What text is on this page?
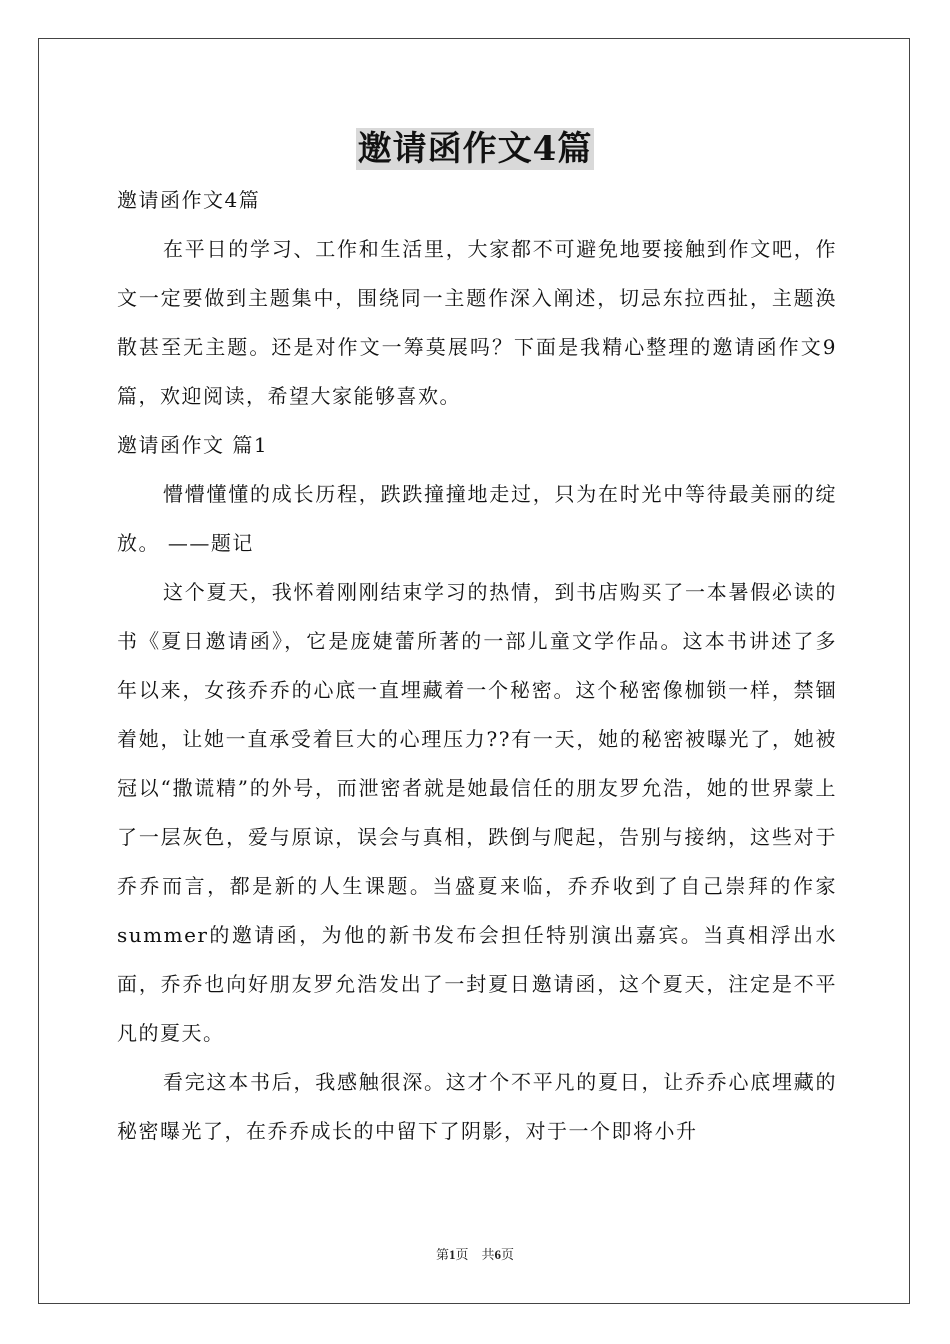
邀请函作文4篇

邀请函作文4篇

在平日的学习、工作和生活里，大家都不可避免地要接触到作文吧，作文一定要做到主题集中，围绕同一主题作深入阐述，切忌东拉西扯，主题涣散甚至无主题。还是对作文一筹莫展吗？下面是我精心整理的邀请函作文9篇，欢迎阅读，希望大家能够喜欢。

邀请函作文 篇1

懵懵懂懂的成长历程，跌跌撞撞地走过，只为在时光中等待最美丽的绽放。 ——题记

这个夏天，我怀着刚刚结束学习的热情，到书店购买了一本暑假必读的书《夏日邀请函》，它是庞婕蕾所著的一部儿童文学作品。这本书讲述了多年以来，女孩乔乔的心底一直埋藏着一个秘密。这个秘密像枷锁一样，禁锢着她，让她一直承受着巨大的心理压力??有一天，她的秘密被曝光了，她被冠以“撒谎精”的外号，而泄密者就是她最信任的朋友罗允浩，她的世界蒙上了一层灰色，爱与原谅，误会与真相，跌倒与爬起，告别与接纳，这些对于乔乔而言，都是新的人生课题。当盛夏来临，乔乔收到了自己崇拜的作家summer的邀请函，为他的新书发布会担任特别演出嘉宾。当真相浮出水面，乔乔也向好朋友罗允浩发出了一封夏日邀请函，这个夏天，注定是不平凡的夏天。

看完这本书后，我感触很深。这才个不平凡的夏日，让乔乔心底埋藏的秘密曝光了，在乔乔成长的中留下了阴影，对于一个即将小升

第1页　共6页
